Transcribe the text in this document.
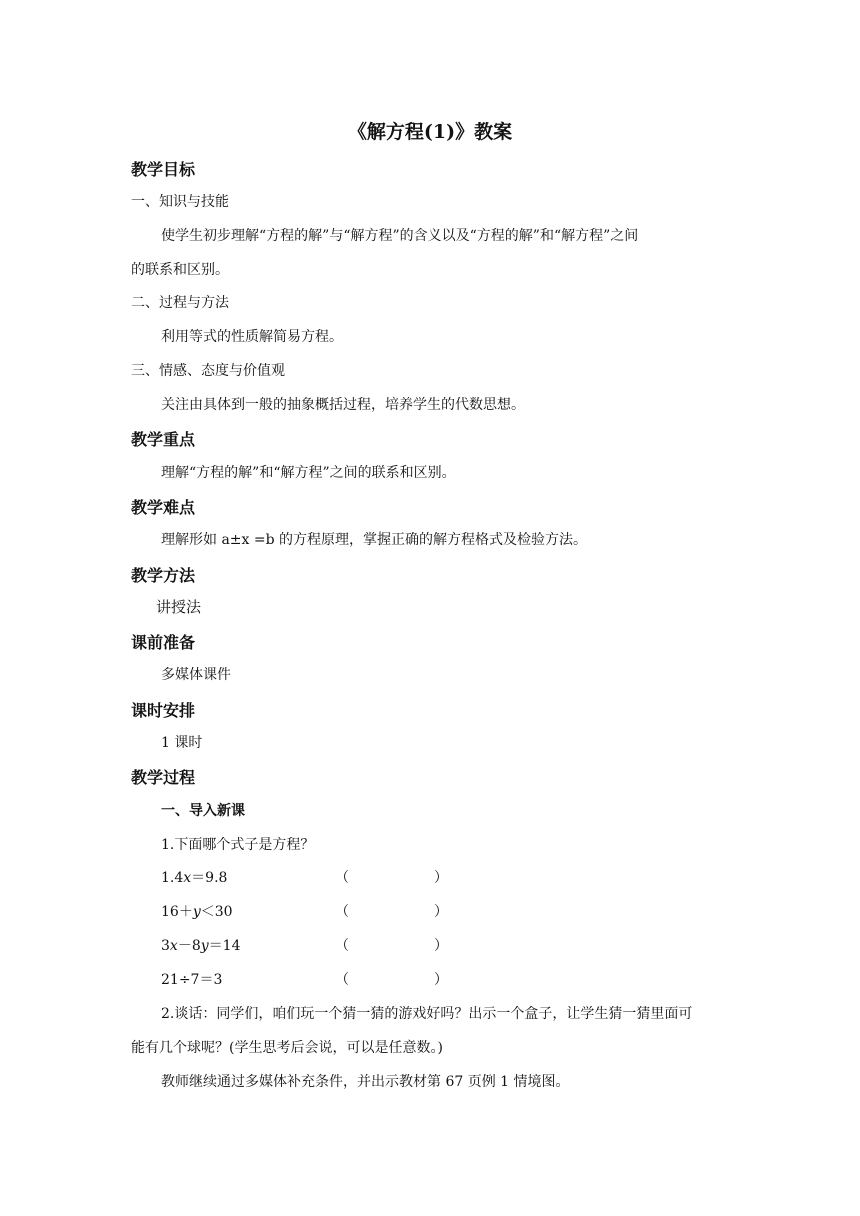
《解方程(1)》教案
教学目标
一、知识与技能
使学生初步理解“方程的解”与“解方程”的含义以及“方程的解”和“解方程”之间
的联系和区别。
二、过程与方法
利用等式的性质解简易方程。
三、情感、态度与价值观
关注由具体到一般的抽象概括过程，培养学生的代数思想。
教学重点
理解“方程的解”和“解方程”之间的联系和区别。
教学难点
理解形如 a±x =b 的方程原理，掌握正确的解方程格式及检验方法。
教学方法
讲授法
课前准备
多媒体课件
课时安排
1 课时
教学过程
一、导入新课
1.下面哪个式子是方程？
1.4x＝9.8	（	）
16＋y＜30	（	）
3x－8y＝14	（	）
21÷7＝3	（	）
2.谈话：同学们，咱们玩一个猜一猜的游戏好吗？出示一个盒子，让学生猜一猜里面可
能有几个球呢？(学生思考后会说，可以是任意数。)
教师继续通过多媒体补充条件，并出示教材第 67 页例 1 情境图。
